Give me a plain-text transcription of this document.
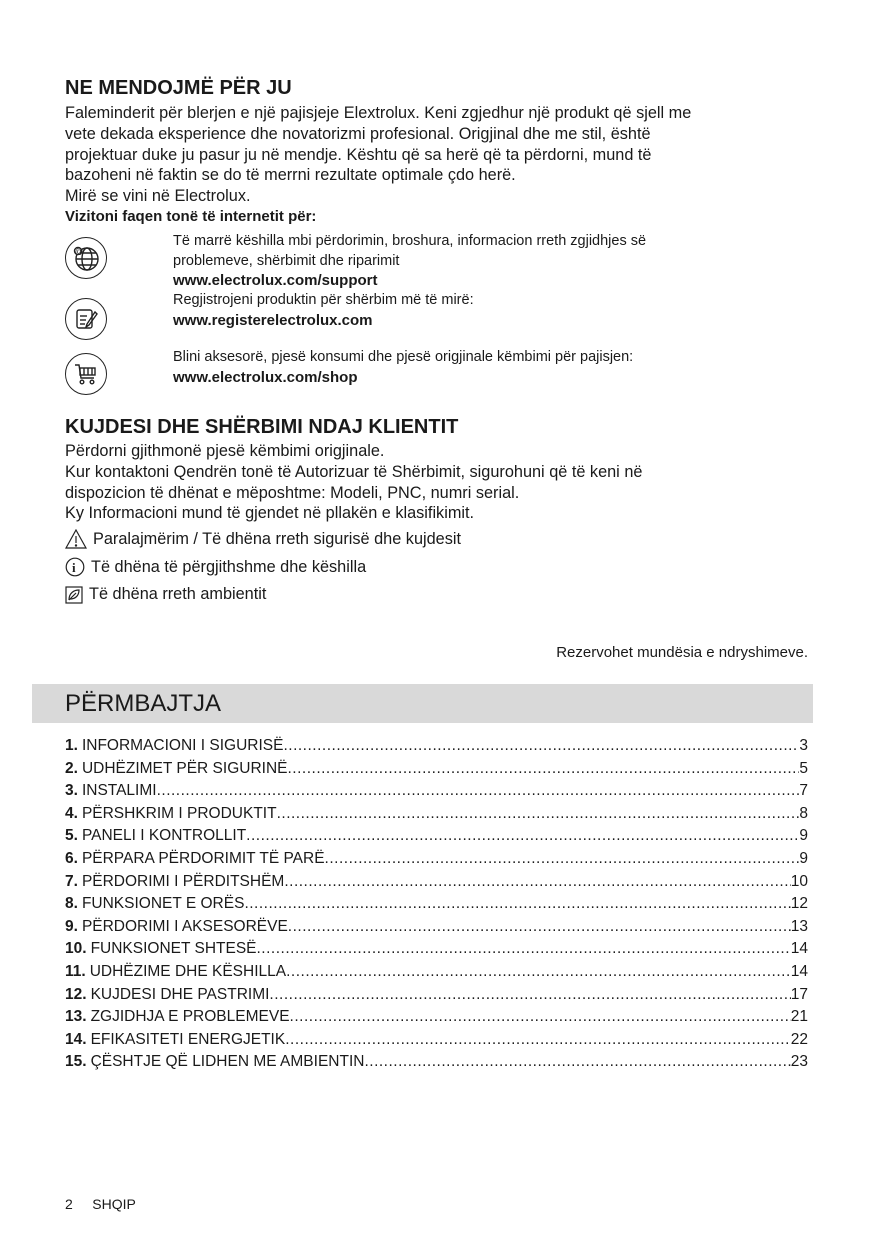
NE MENDOJMË PËR JU
Faleminderit për blerjen e një pajisjeje Elextrolux. Keni zgjedhur një produkt që sjell me
vete dekada eksperience dhe novatorizmi profesional. Origjinal dhe me stil, është
projektuar duke ju pasur ju në mendje. Kështu që sa herë që ta përdorni, mund të
bazoheni në faktin se do të merrni rezultate optimale çdo herë.
Mirë se vini në Electrolux.
Vizitoni faqen tonë të internetit për:
@
Të marrë këshilla mbi përdorimin, broshura, informacion rreth zgjidhjes së
problemeve, shërbimit dhe riparimit
www.electrolux.com/support
Regjistrojeni produktin për shërbim më të mirë:
www.registerelectrolux.com
Blini aksesorë, pjesë konsumi dhe pjesë origjinale këmbimi për pajisjen:
www.electrolux.com/shop
KUJDESI DHE SHËRBIMI NDAJ KLIENTIT
Përdorni gjithmonë pjesë këmbimi origjinale.
Kur kontaktoni Qendrën tonë të Autorizuar të Shërbimit, sigurohuni që të keni në
dispozicion të dhënat e mëposhtme: Modeli, PNC, numri serial.
Ky Informacioni mund të gjendet në pllakën e klasifikimit.
Paralajmërim / Të dhëna rreth sigurisë dhe kujdesit
i Të dhëna të përgjithshme dhe këshilla
Të dhëna rreth ambientit
Rezervohet mundësia e ndryshimeve.
PËRMBAJTJA
1. INFORMACIONI I SIGURISË .....	3
2. UDHËZIMET PËR SIGURINË .....	5
3. INSTALIMI .....	7
4. PËRSHKRIM I PRODUKTIT .....	8
5. PANELI I KONTROLLIT .....	9
6. PËRPARA PËRDORIMIT TË PARË .....	9
7. PËRDORIMI I PËRDITSHËM .....	10
8. FUNKSIONET E ORËS .....	12
9. PËRDORIMI I AKSESORËVE .....	13
10. FUNKSIONET SHTESË .....	14
11. UDHËZIME DHE KËSHILLA .....	14
12. KUJDESI DHE PASTRIMI .....	17
13. ZGJIDHJA E PROBLEMEVE .....	21
14. EFIKASITETI ENERGJETIK .....	22
15. ÇËSHTJE QË LIDHEN ME AMBIENTIN .....	23
2 SHQIP
